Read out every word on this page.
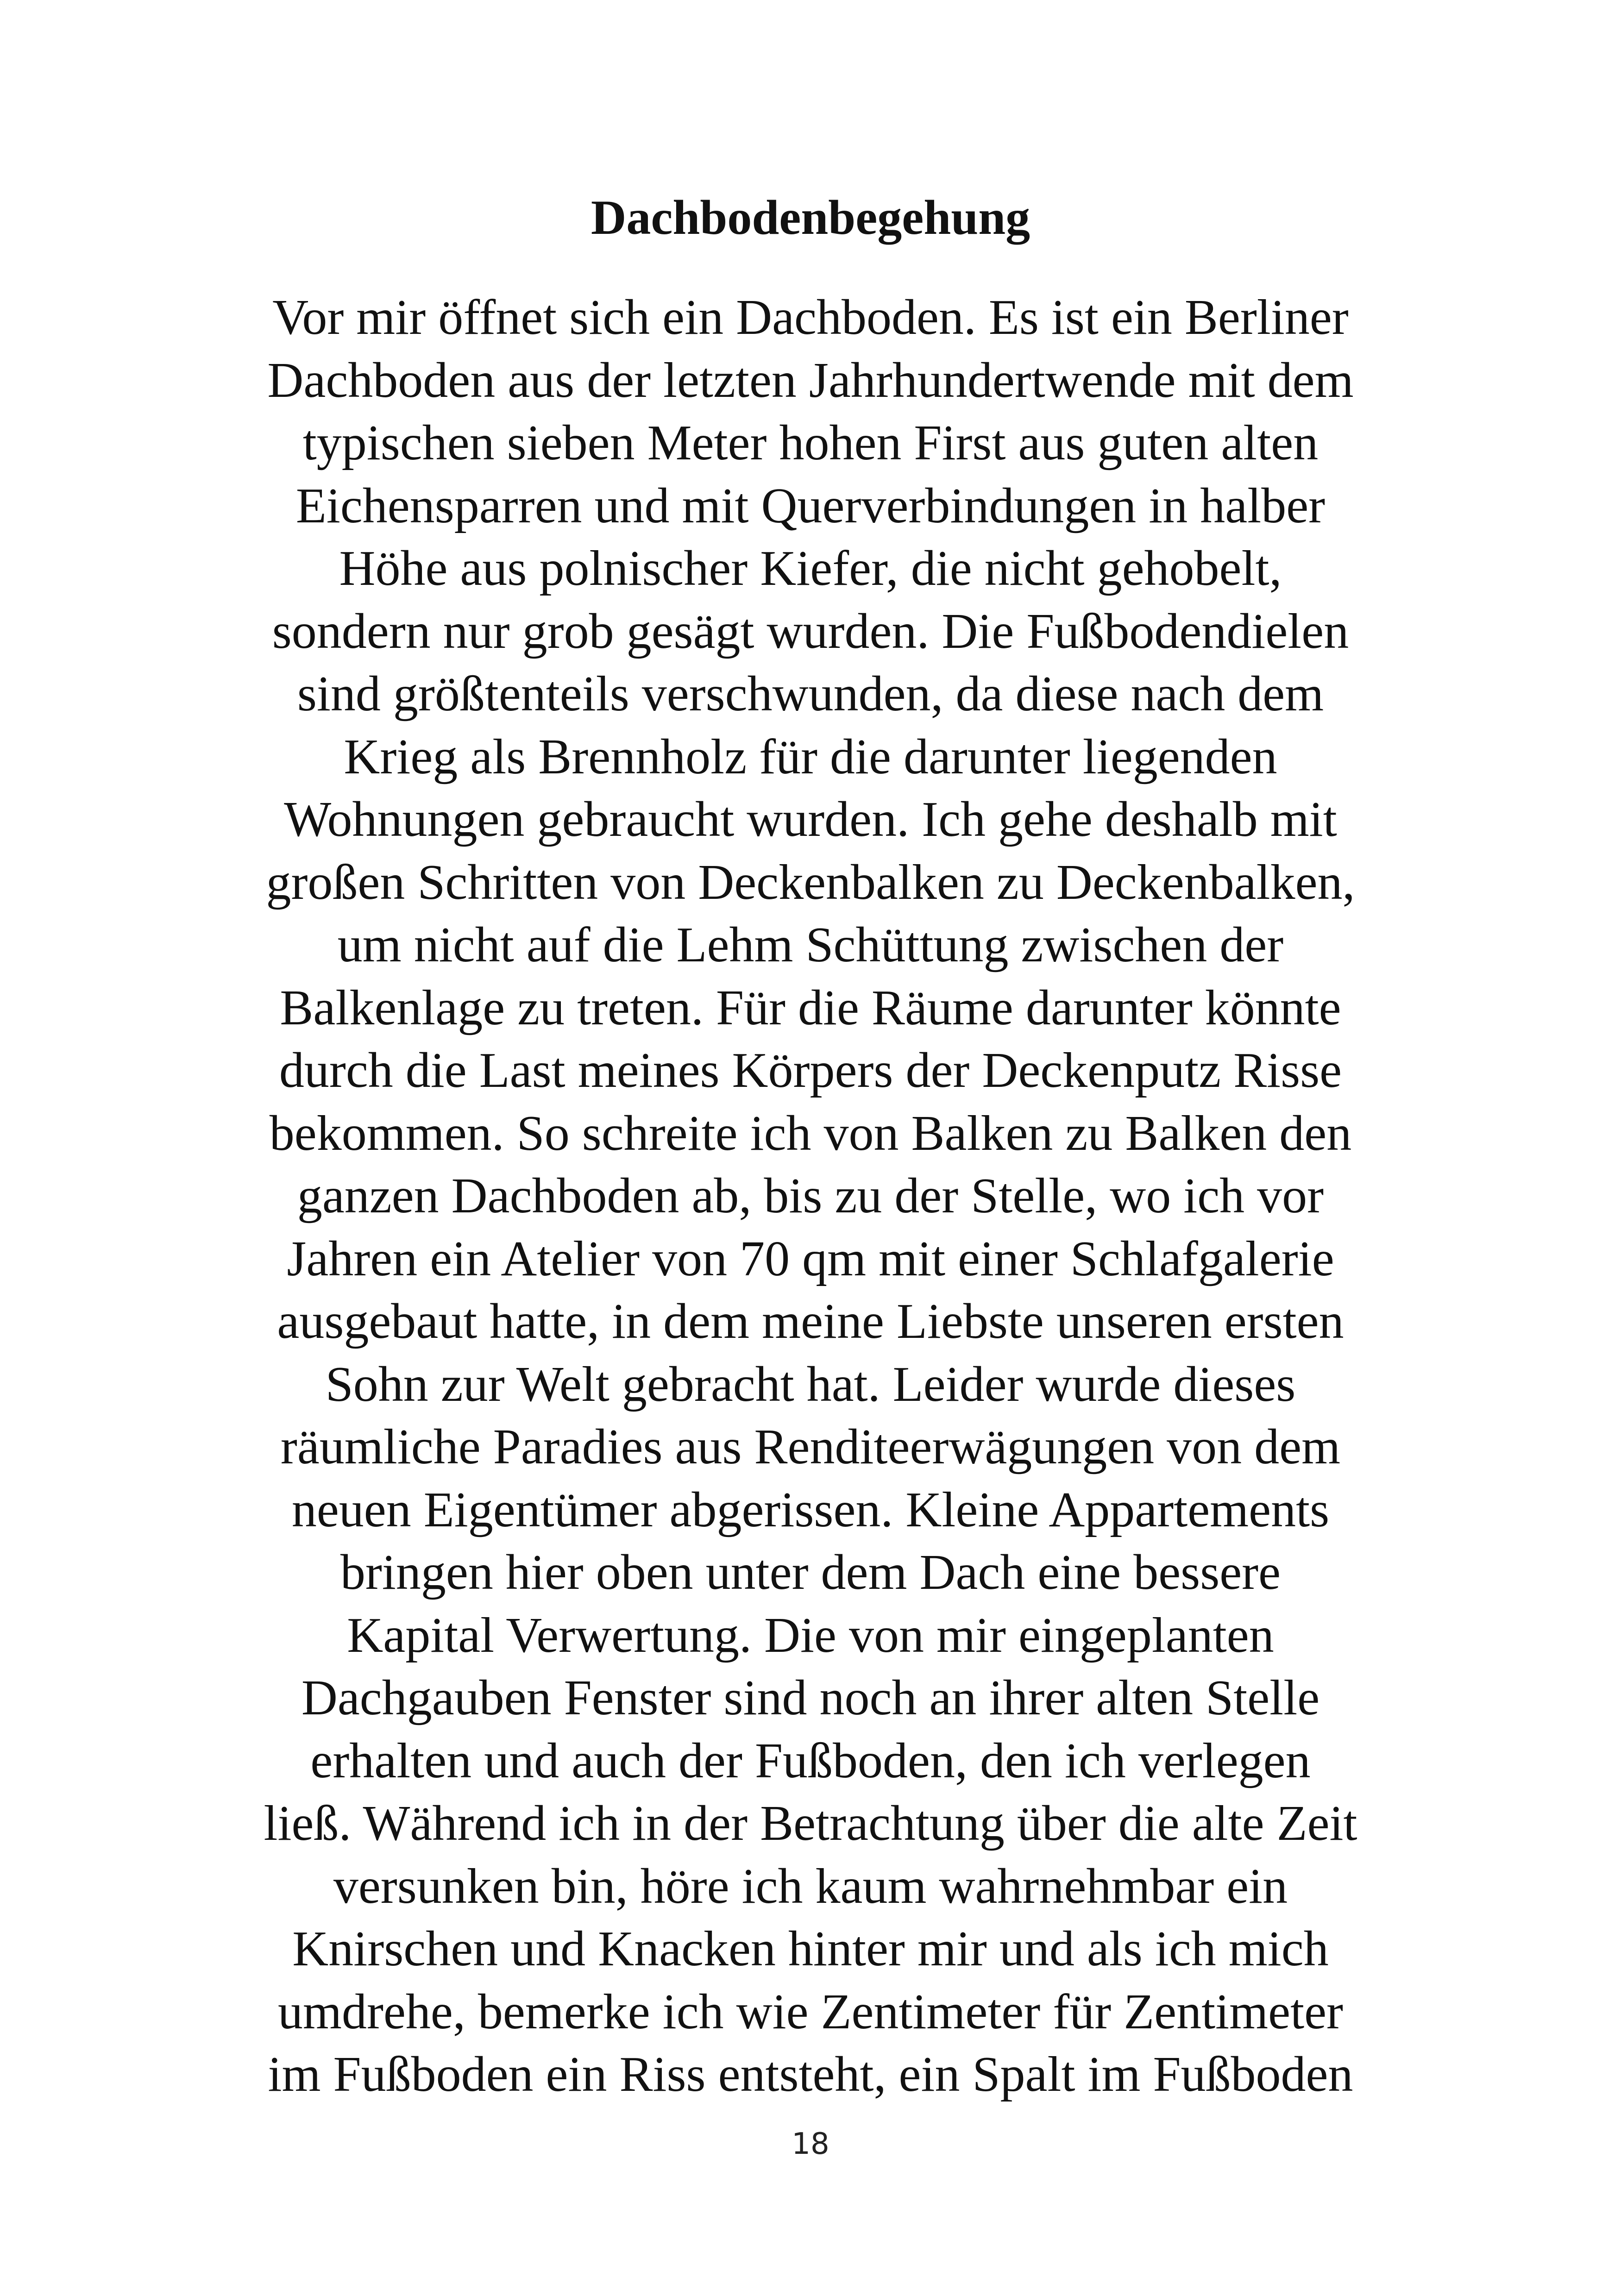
Dachbodenbegehung
Vor mir öffnet sich ein Dachboden. Es ist ein Berliner
Dachboden aus der letzten Jahrhundertwende mit dem
typischen sieben Meter hohen First aus guten alten
Eichensparren und mit Querverbindungen in halber
Höhe aus polnischer Kiefer, die nicht gehobelt,
sondern nur grob gesägt wurden. Die Fußbodendielen
sind größtenteils verschwunden, da diese nach dem
Krieg als Brennholz für die darunter liegenden
Wohnungen gebraucht wurden. Ich gehe deshalb mit
großen Schritten von Deckenbalken zu Deckenbalken,
um nicht auf die Lehm Schüttung zwischen der
Balkenlage zu treten. Für die Räume darunter könnte
durch die Last meines Körpers der Deckenputz Risse
bekommen. So schreite ich von Balken zu Balken den
ganzen Dachboden ab, bis zu der Stelle, wo ich vor
Jahren ein Atelier von 70 qm mit einer Schlafgalerie
ausgebaut hatte, in dem meine Liebste unseren ersten
Sohn zur Welt gebracht hat. Leider wurde dieses
räumliche Paradies aus Renditeerwägungen von dem
neuen Eigentümer abgerissen. Kleine Appartements
bringen hier oben unter dem Dach eine bessere
Kapital Verwertung. Die von mir eingeplanten
Dachgauben Fenster sind noch an ihrer alten Stelle
erhalten und auch der Fußboden, den ich verlegen
ließ. Während ich in der Betrachtung über die alte Zeit
versunken bin, höre ich kaum wahrnehmbar ein
Knirschen und Knacken hinter mir und als ich mich
umdrehe, bemerke ich wie Zentimeter für Zentimeter
im Fußboden ein Riss entsteht, ein Spalt im Fußboden
18
